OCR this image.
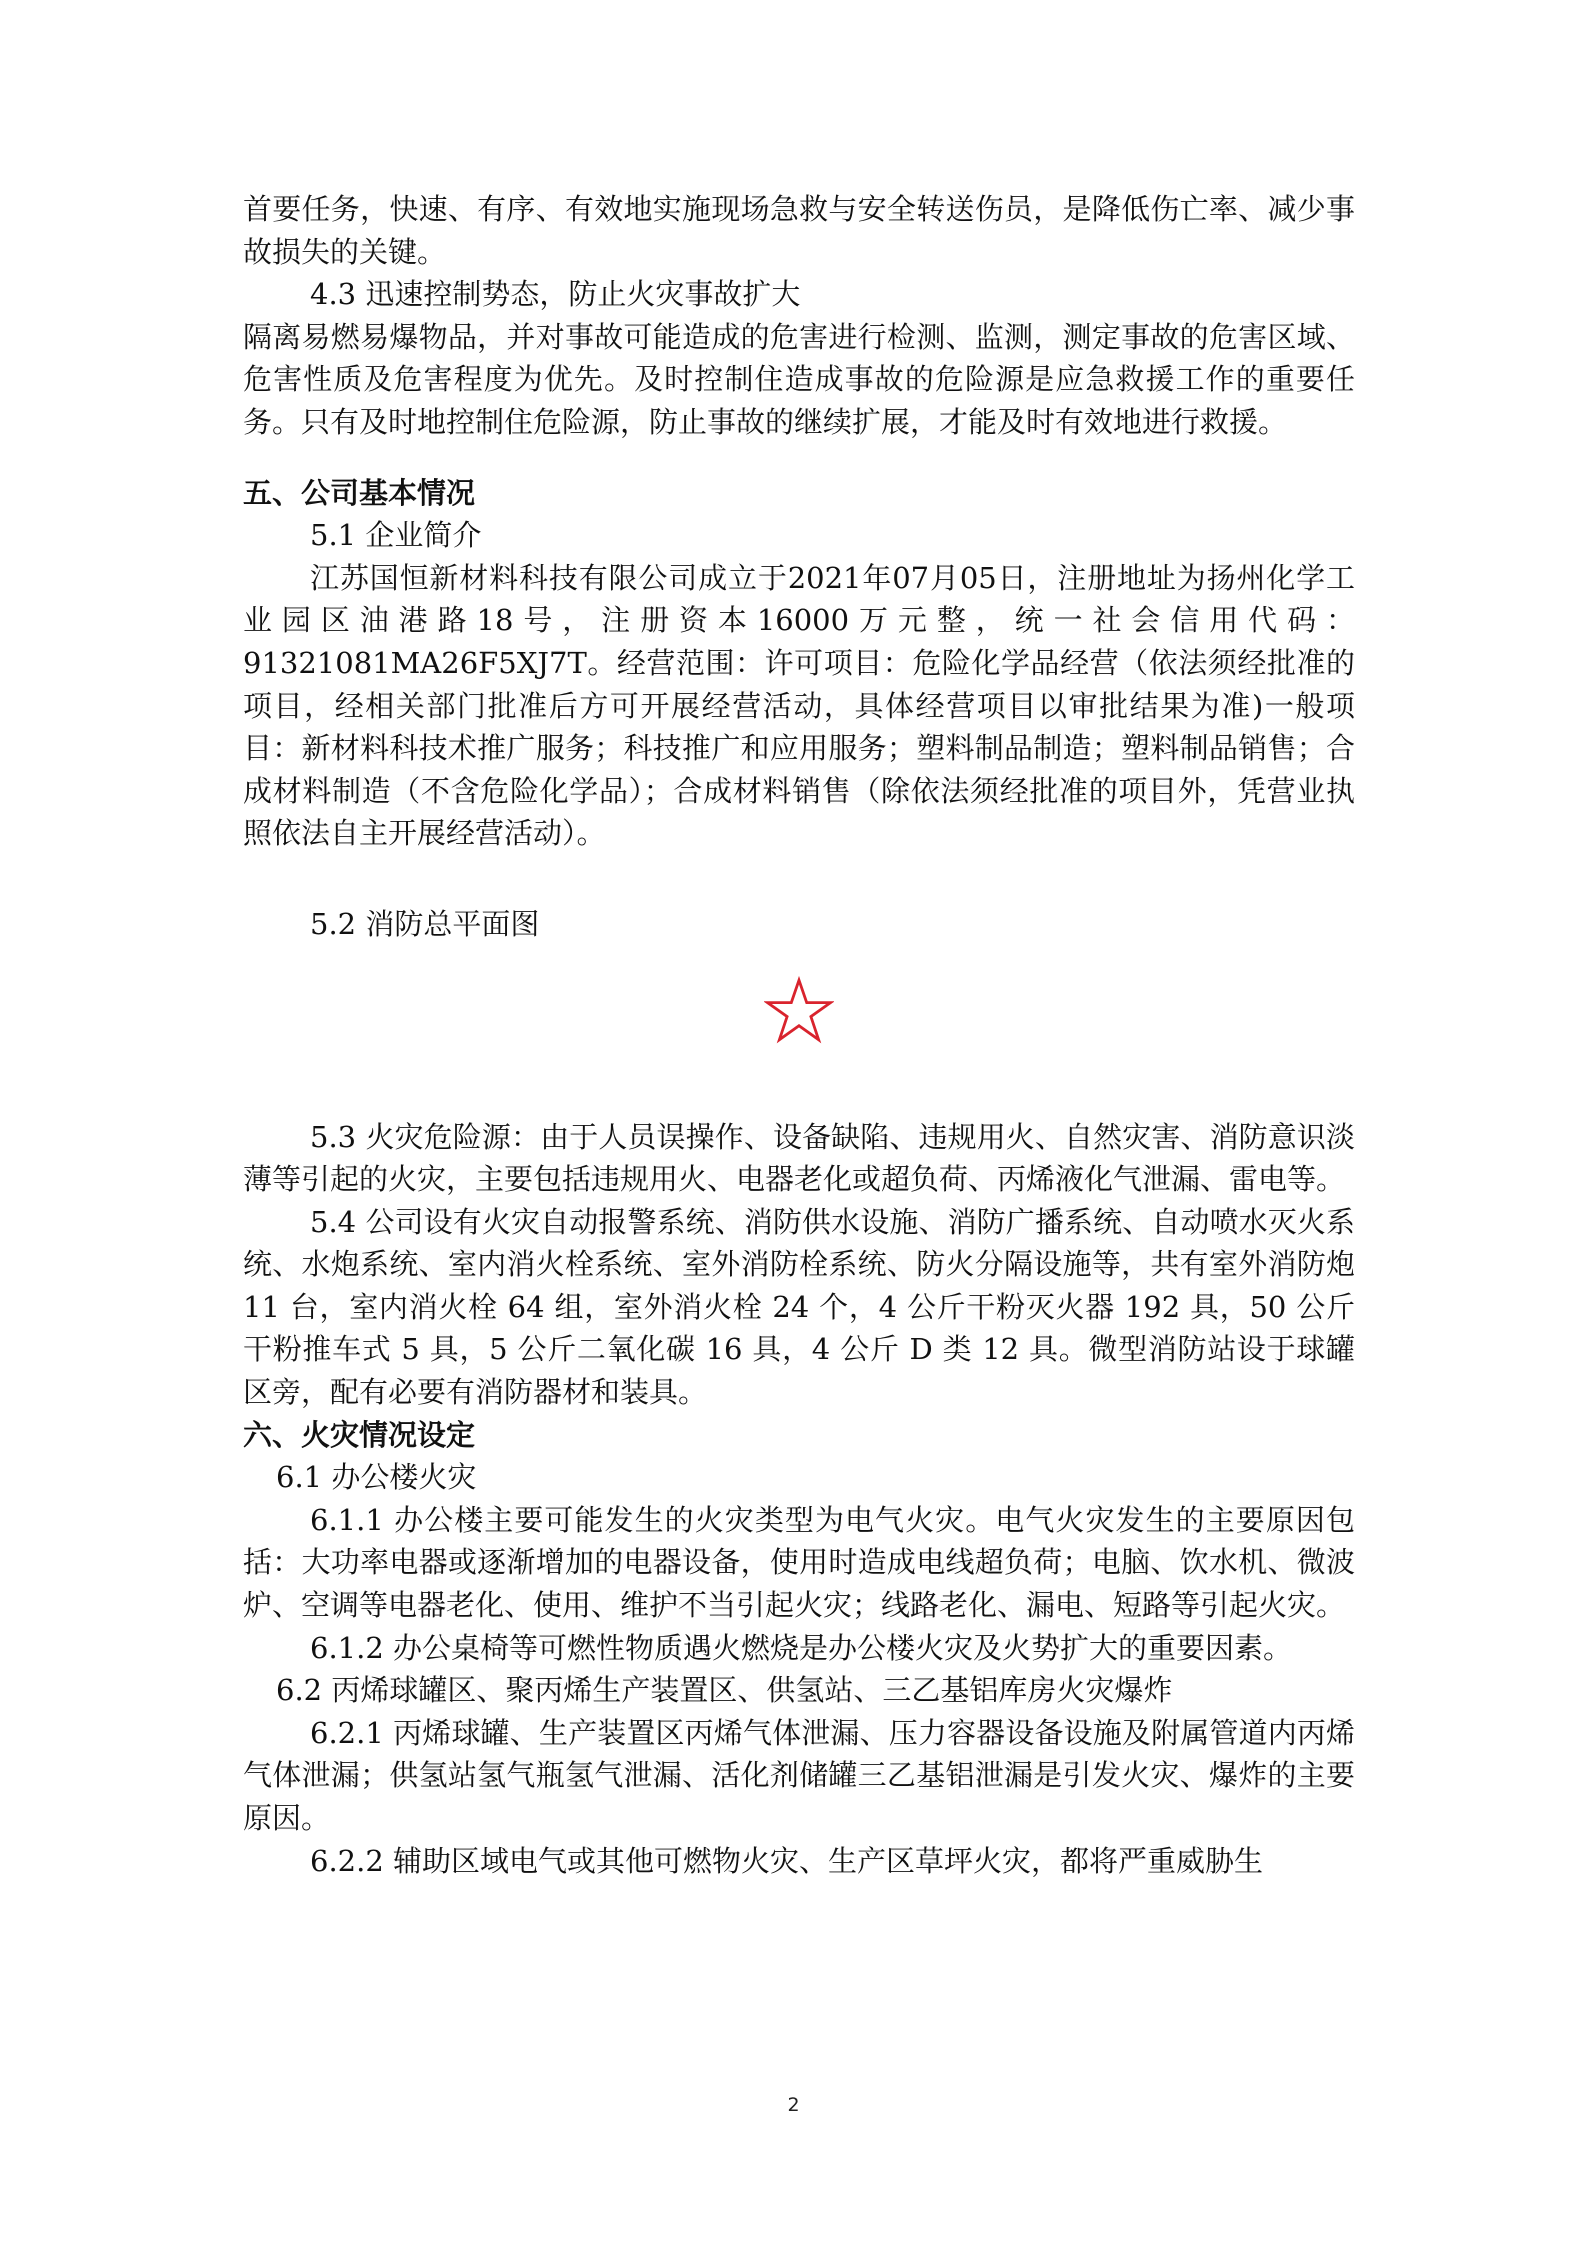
首要任务，快速、有序、有效地实施现场急救与安全转送伤员，是降低伤亡率、减少事故损失的关键。

4.3 迅速控制势态，防止火灾事故扩大

隔离易燃易爆物品，并对事故可能造成的危害进行检测、监测，测定事故的危害区域、危害性质及危害程度为优先。及时控制住造成事故的危险源是应急救援工作的重要任务。只有及时地控制住危险源，防止事故的继续扩展，才能及时有效地进行救援。

五、公司基本情况

5.1 企业简介

江苏国恒新材料科技有限公司成立于2021年07月05日，注册地址为扬州化学工业园区油港路18号，注册资本16000万元整，统一社会信用代码：91321081MA26F5XJ7T。经营范围：许可项目：危险化学品经营（依法须经批准的项目，经相关部门批准后方可开展经营活动，具体经营项目以审批结果为准)一般项目：新材料科技术推广服务；科技推广和应用服务；塑料制品制造；塑料制品销售；合成材料制造（不含危险化学品）；合成材料销售（除依法须经批准的项目外，凭营业执照依法自主开展经营活动）。

5.2 消防总平面图

5.3 火灾危险源：由于人员误操作、设备缺陷、违规用火、自然灾害、消防意识淡薄等引起的火灾，主要包括违规用火、电器老化或超负荷、丙烯液化气泄漏、雷电等。

5.4 公司设有火灾自动报警系统、消防供水设施、消防广播系统、自动喷水灭火系统、水炮系统、室内消火栓系统、室外消防栓系统、防火分隔设施等，共有室外消防炮 11 台，室内消火栓 64 组，室外消火栓 24 个，4 公斤干粉灭火器 192 具，50 公斤干粉推车式 5 具，5 公斤二氧化碳 16 具，4 公斤 D 类 12 具。微型消防站设于球罐区旁，配有必要有消防器材和装具。

六、火灾情况设定

6.1 办公楼火灾

6.1.1 办公楼主要可能发生的火灾类型为电气火灾。电气火灾发生的主要原因包括：大功率电器或逐渐增加的电器设备，使用时造成电线超负荷；电脑、饮水机、微波炉、空调等电器老化、使用、维护不当引起火灾；线路老化、漏电、短路等引起火灾。

6.1.2 办公桌椅等可燃性物质遇火燃烧是办公楼火灾及火势扩大的重要因素。

6.2 丙烯球罐区、聚丙烯生产装置区、供氢站、三乙基铝库房火灾爆炸

6.2.1 丙烯球罐、生产装置区丙烯气体泄漏、压力容器设备设施及附属管道内丙烯气体泄漏；供氢站氢气瓶氢气泄漏、活化剂储罐三乙基铝泄漏是引发火灾、爆炸的主要原因。

6.2.2 辅助区域电气或其他可燃物火灾、生产区草坪火灾，都将严重威胁生

2
